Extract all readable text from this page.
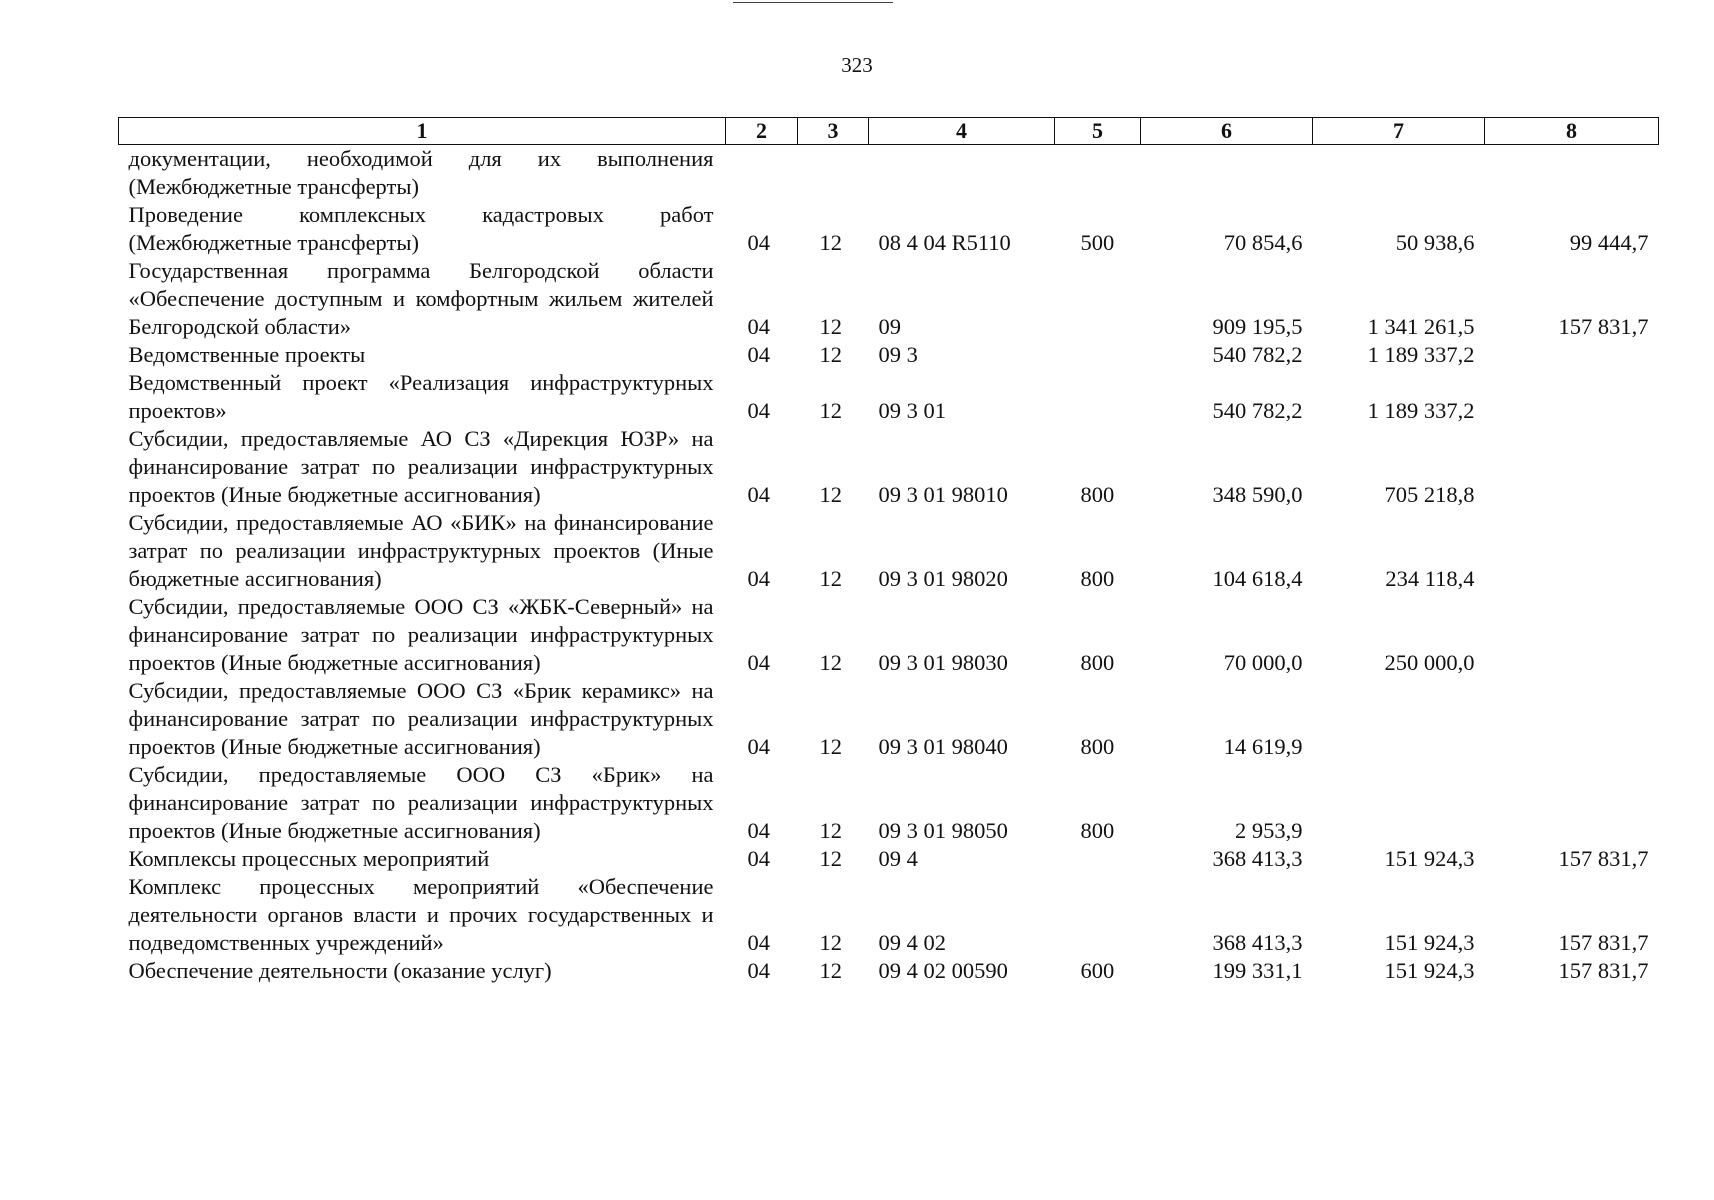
323
1	2	3	4	5	6	7	8
документации, необходимой для их выполнения (Межбюджетные трансферты)							
Проведение комплексных кадастровых работ (Межбюджетные трансферты)	04	12	08 4 04 R5110	500	70 854,6	50 938,6	99 444,7
Государственная программа Белгородской области «Обеспечение доступным и комфортным жильем жителей Белгородской области»	04	12	09		909 195,5	1 341 261,5	157 831,7
Ведомственные проекты	04	12	09 3		540 782,2	1 189 337,2	
Ведомственный проект «Реализация инфраструктурных проектов»	04	12	09 3 01		540 782,2	1 189 337,2	
Субсидии, предоставляемые АО СЗ «Дирекция ЮЗР» на финансирование затрат по реализации инфраструктурных проектов (Иные бюджетные ассигнования)	04	12	09 3 01 98010	800	348 590,0	705 218,8	
Субсидии, предоставляемые АО «БИК» на финансирование затрат по реализации инфраструктурных проектов (Иные бюджетные ассигнования)	04	12	09 3 01 98020	800	104 618,4	234 118,4	
Субсидии, предоставляемые ООО СЗ «ЖБК-Северный» на финансирование затрат по реализации инфраструктурных проектов (Иные бюджетные ассигнования)	04	12	09 3 01 98030	800	70 000,0	250 000,0	
Субсидии, предоставляемые ООО СЗ «Брик керамикс» на финансирование затрат по реализации инфраструктурных проектов (Иные бюджетные ассигнования)	04	12	09 3 01 98040	800	14 619,9		
Субсидии, предоставляемые ООО СЗ «Брик» на финансирование затрат по реализации инфраструктурных проектов (Иные бюджетные ассигнования)	04	12	09 3 01 98050	800	2 953,9		
Комплексы процессных мероприятий	04	12	09 4		368 413,3	151 924,3	157 831,7
Комплекс процессных мероприятий «Обеспечение деятельности органов власти и прочих государственных и подведомственных учреждений»	04	12	09 4 02		368 413,3	151 924,3	157 831,7
Обеспечение деятельности (оказание услуг)	04	12	09 4 02 00590	600	199 331,1	151 924,3	157 831,7
